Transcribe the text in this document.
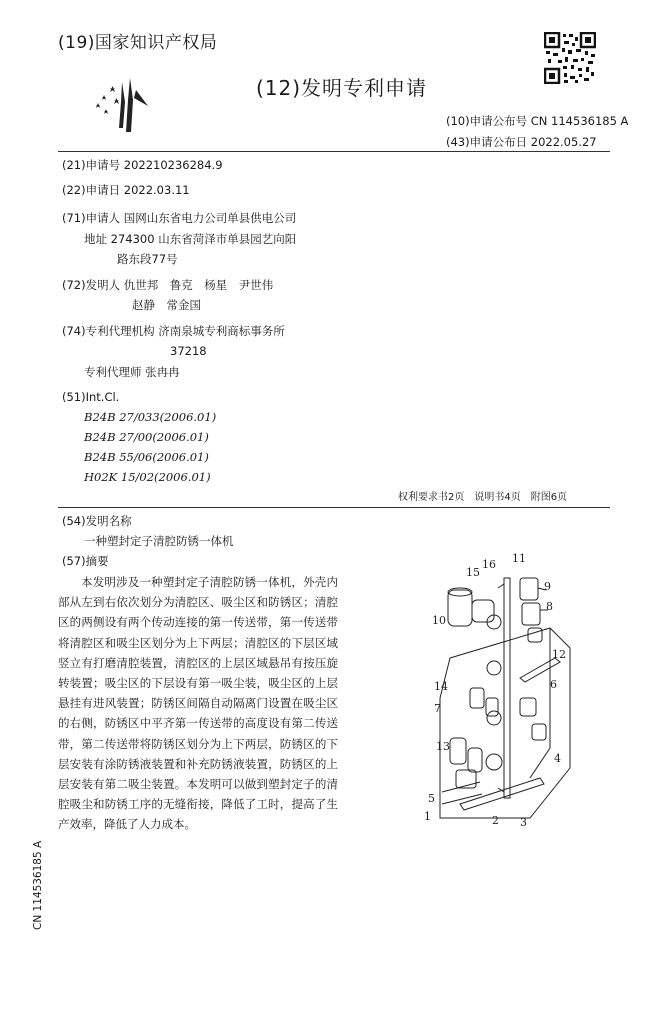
(19)国家知识产权局
(12)发明专利申请
(10)申请公布号 CN 114536185 A
(43)申请公布日 2022.05.27
(21)申请号 202210236284.9
(22)申请日 2022.03.11
(71)申请人 国网山东省电力公司单县供电公司
地址 274300 山东省菏泽市单县园艺向阳
路东段77号
(72)发明人 仇世邦　鲁克　杨星　尹世伟
赵静　常金国
(74)专利代理机构 济南泉城专利商标事务所
37218
专利代理师 张冉冉
(51)Int.Cl.
B24B 27/033(2006.01)
B24B 27/00(2006.01)
B24B 55/06(2006.01)
H02K 15/02(2006.01)
权利要求书2页　说明书4页　附图6页
(54)发明名称
一种塑封定子清腔防锈一体机
(57)摘要
本发明涉及一种塑封定子清腔防锈一体机，外壳内部从左到右依次划分为清腔区、吸尘区和防锈区；清腔区的两侧设有两个传动连接的第一传送带，第一传送带将清腔区和吸尘区划分为上下两层；清腔区的下层区域竖立有打磨清腔装置，清腔区的上层区域悬吊有按压旋转装置；吸尘区的下层设有第一吸尘装，吸尘区的上层悬挂有进风装置；防锈区间隔自动隔离门设置在吸尘区的右侧，防锈区中平齐第一传送带的高度设有第二传送带，第二传送带将防锈区划分为上下两层，防锈区的下层安装有涂防锈液装置和补充防锈液装置，防锈区的上层安装有第二吸尘装置。本发明可以做到塑封定子的清腔吸尘和防锈工序的无缝衔接，降低了工时，提高了生产效率，降低了人力成本。
CN 114536185 A
1	2 3
4
5
6
7
8
9
10
11
12
13
14
15
16
